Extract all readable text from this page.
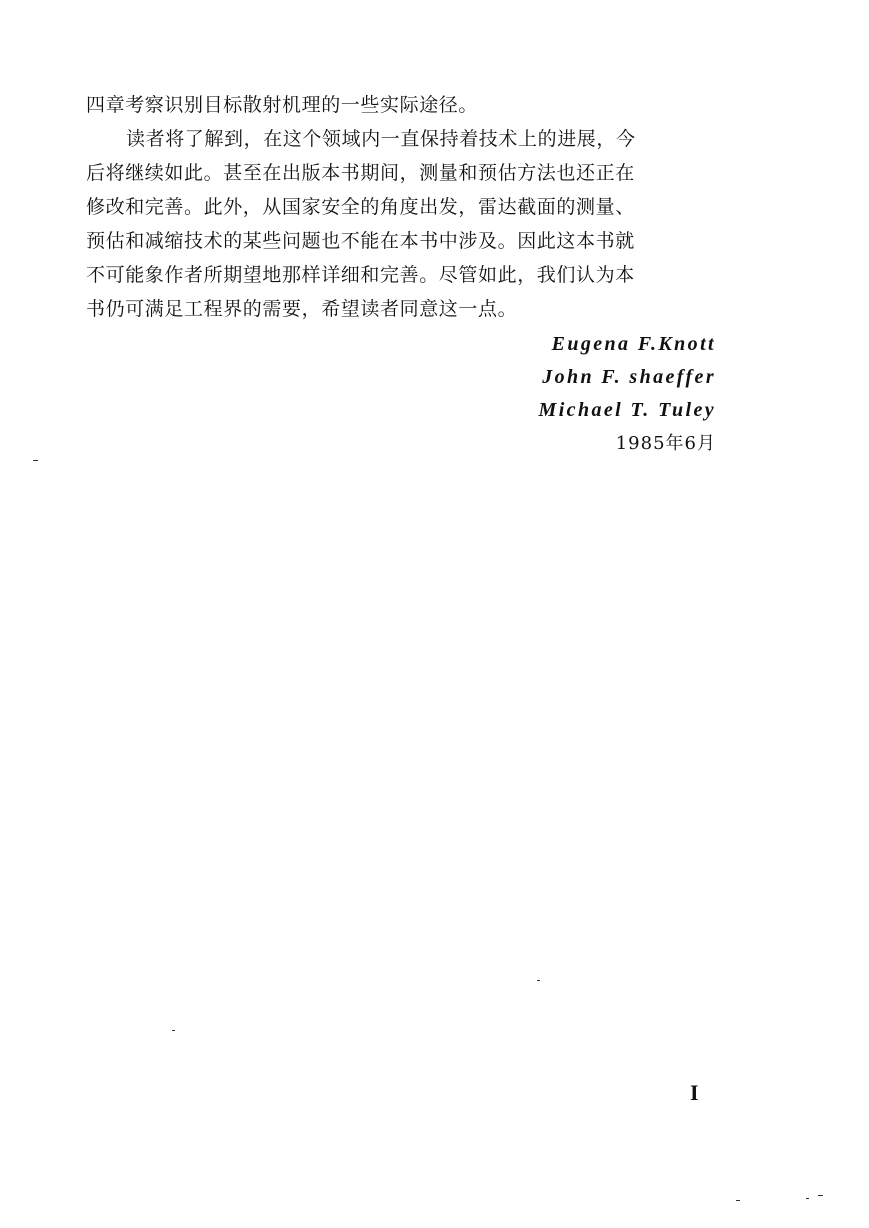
四章考察识别目标散射机理的一些实际途径。
读者将了解到，在这个领域内一直保持着技术上的进展，今
后将继续如此。甚至在出版本书期间，测量和预估方法也还正在
修改和完善。此外，从国家安全的角度出发，雷达截面的测量、
预估和减缩技术的某些问题也不能在本书中涉及。因此这本书就
不可能象作者所期望地那样详细和完善。尽管如此，我们认为本
书仍可满足工程界的需要，希望读者同意这一点。
Eugena F.Knott
John F. shaeffer
Michael T. Tuley
1985年6月
I
